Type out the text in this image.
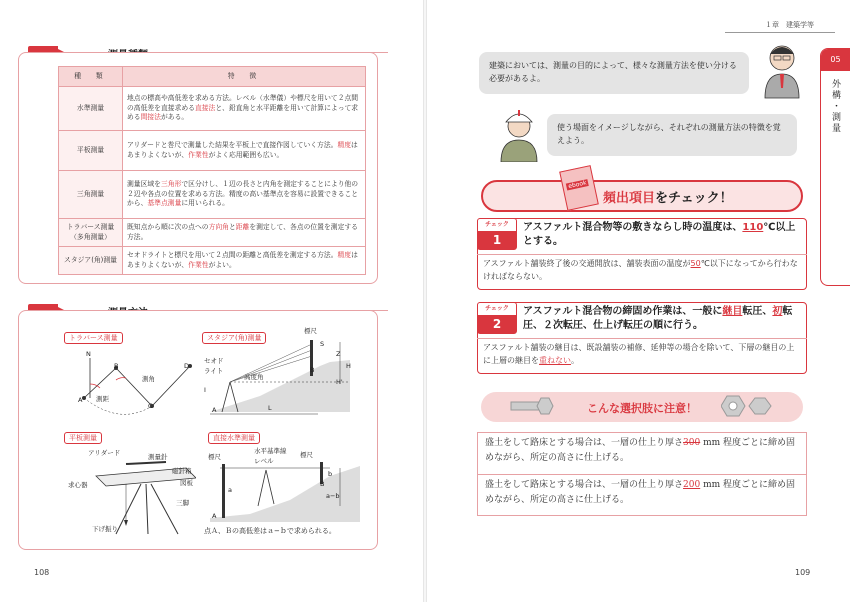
種　類	特　徴
水準測量	地点の標高や高低差を求める方法。レベル（水準儀）や標尺を用いて２点間の高低差を直接求める直接法と、鉛直角と水平距離を用いて計算によって求める間接法がある。
平板測量	アリダードと巻尺で測量した結果を平板上で直接作図していく方法。精度はあまりよくないが、作業性がよく応用範囲も広い。
三角測量	測量区域を三角形で区分けし、１辺の長さと内角を測定することにより他の２辺や各点の位置を求める方法。精度の高い基準点を容易に設置できることから、基準点測量に用いられる。
トラバース測量（多角測量）	既知点から順に次の点への方向角と距離を測定して、各点の位置を測定する方法。
スタジア(角)測量	セオドライトと標尺を用いて２点間の距離と高低差を測定する方法。精度はあまりよくないが、作業性がよい。
トラバース測量
N
A
B
C
D
測角
測距
スタジア(角)測量
標尺
セオド
ライト
高度角
S
Z
H
H'
B
I
A	L
平板測量
アリダード	測量針
磁針箱
図板
求心器
三脚
下げ振り
直接水準測量
水平基準線
標尺	レベル
標尺
a
b
a−b
A
B
点Ａ、Ｂの高低差はａ−ｂで求められる。
108
１章　建築学等
05
外構・測量
建築においては、測量の目的によって、様々な測量方法を使い分ける必要があるよ。
使う場面をイメージしながら、それぞれの測量方法の特徴を覚えよう。
ebook
頻出項目をチェック！
チェック
1
アスファルト混合物等の敷きならし時の温度は、110℃以上とする。
アスファルト舗装終了後の交通開放は、舗装表面の温度が50℃以下になってから行わなければならない。
チェック
2
アスファルト混合物の締固め作業は、一般に継目転圧、初転圧、２次転圧、仕上げ転圧の順に行う。
アスファルト舗装の継目は、既設舗装の補修、延伸等の場合を除いて、下層の継目の上に上層の継目を重ねない。
こんな選択肢に注意！
盛土をして路床とする場合は、一層の仕上り厚さ300 mm 程度ごとに締め固めながら、所定の高さに仕上げる。
盛土をして路床とする場合は、一層の仕上り厚さ200 mm 程度ごとに締め固めながら、所定の高さに仕上げる。
109
